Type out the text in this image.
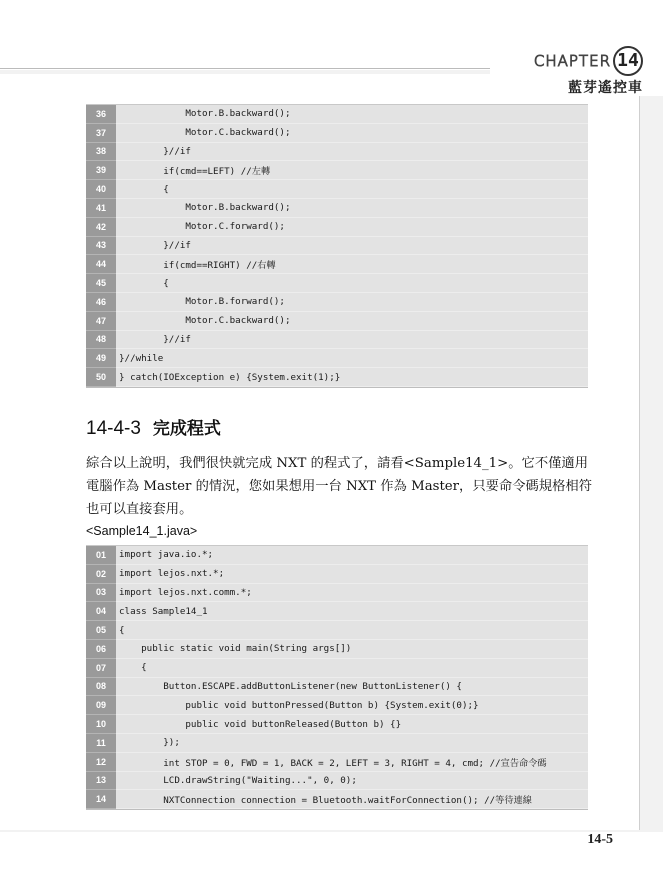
CHAPTER 14
藍芽遙控車
36	Motor.B.backward();
37	Motor.C.backward();
38	}//if
39	if(cmd==LEFT) //左轉
40	{
41	Motor.B.backward();
42	Motor.C.forward();
43	}//if
44	if(cmd==RIGHT) //右轉
45	{
46	Motor.B.forward();
47	Motor.C.backward();
48	}//if
49	}//while
50	} catch(IOException e) {System.exit(1);}
14-4-3 完成程式

綜合以上說明，我們很快就完成 NXT 的程式了，請看<Sample14_1>。它不僅適用電腦作為 Master 的情況，您如果想用一台 NXT 作為 Master，只要命令碼規格相符也可以直接套用。

<Sample14_1.java>
01	import java.io.*;
02	import lejos.nxt.*;
03	import lejos.nxt.comm.*;
04	class Sample14_1
05	{
06	public static void main(String args[])
07	{
08	Button.ESCAPE.addButtonListener(new ButtonListener() {
09	public void buttonPressed(Button b) {System.exit(0);}
10	public void buttonReleased(Button b) {}
11	});
12	int STOP = 0, FWD = 1, BACK = 2, LEFT = 3, RIGHT = 4, cmd; //宣告命令碼
13	LCD.drawString("Waiting...", 0, 0);
14	NXTConnection connection = Bluetooth.waitForConnection(); //等待連線
14-5
